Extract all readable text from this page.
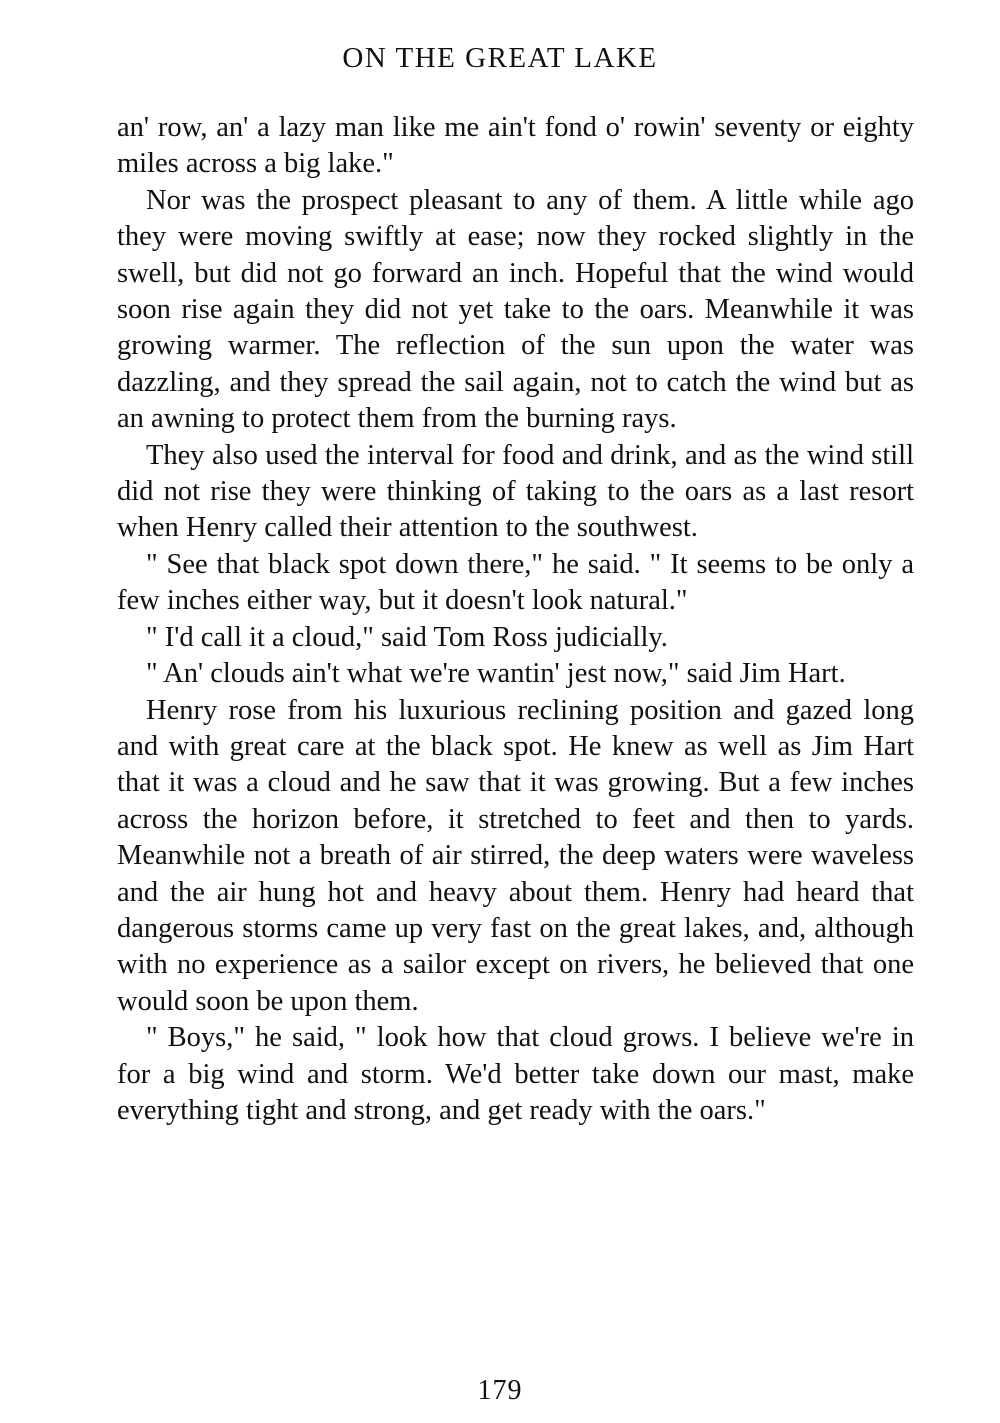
ON THE GREAT LAKE

an' row, an' a lazy man like me ain't fond o' rowin' seventy or eighty miles across a big lake."

Nor was the prospect pleasant to any of them. A little while ago they were moving swiftly at ease; now they rocked slightly in the swell, but did not go forward an inch. Hopeful that the wind would soon rise again they did not yet take to the oars. Meanwhile it was growing warmer. The reflection of the sun upon the water was dazzling, and they spread the sail again, not to catch the wind but as an awning to protect them from the burning rays.

They also used the interval for food and drink, and as the wind still did not rise they were thinking of taking to the oars as a last resort when Henry called their attention to the southwest.

" See that black spot down there," he said. " It seems to be only a few inches either way, but it doesn't look natural."

" I'd call it a cloud," said Tom Ross judicially.

" An' clouds ain't what we're wantin' jest now," said Jim Hart.

Henry rose from his luxurious reclining position and gazed long and with great care at the black spot. He knew as well as Jim Hart that it was a cloud and he saw that it was growing. But a few inches across the horizon before, it stretched to feet and then to yards. Meanwhile not a breath of air stirred, the deep waters were waveless and the air hung hot and heavy about them. Henry had heard that dangerous storms came up very fast on the great lakes, and, although with no experience as a sailor except on rivers, he believed that one would soon be upon them.

" Boys," he said, " look how that cloud grows. I believe we're in for a big wind and storm. We'd better take down our mast, make everything tight and strong, and get ready with the oars."

179
